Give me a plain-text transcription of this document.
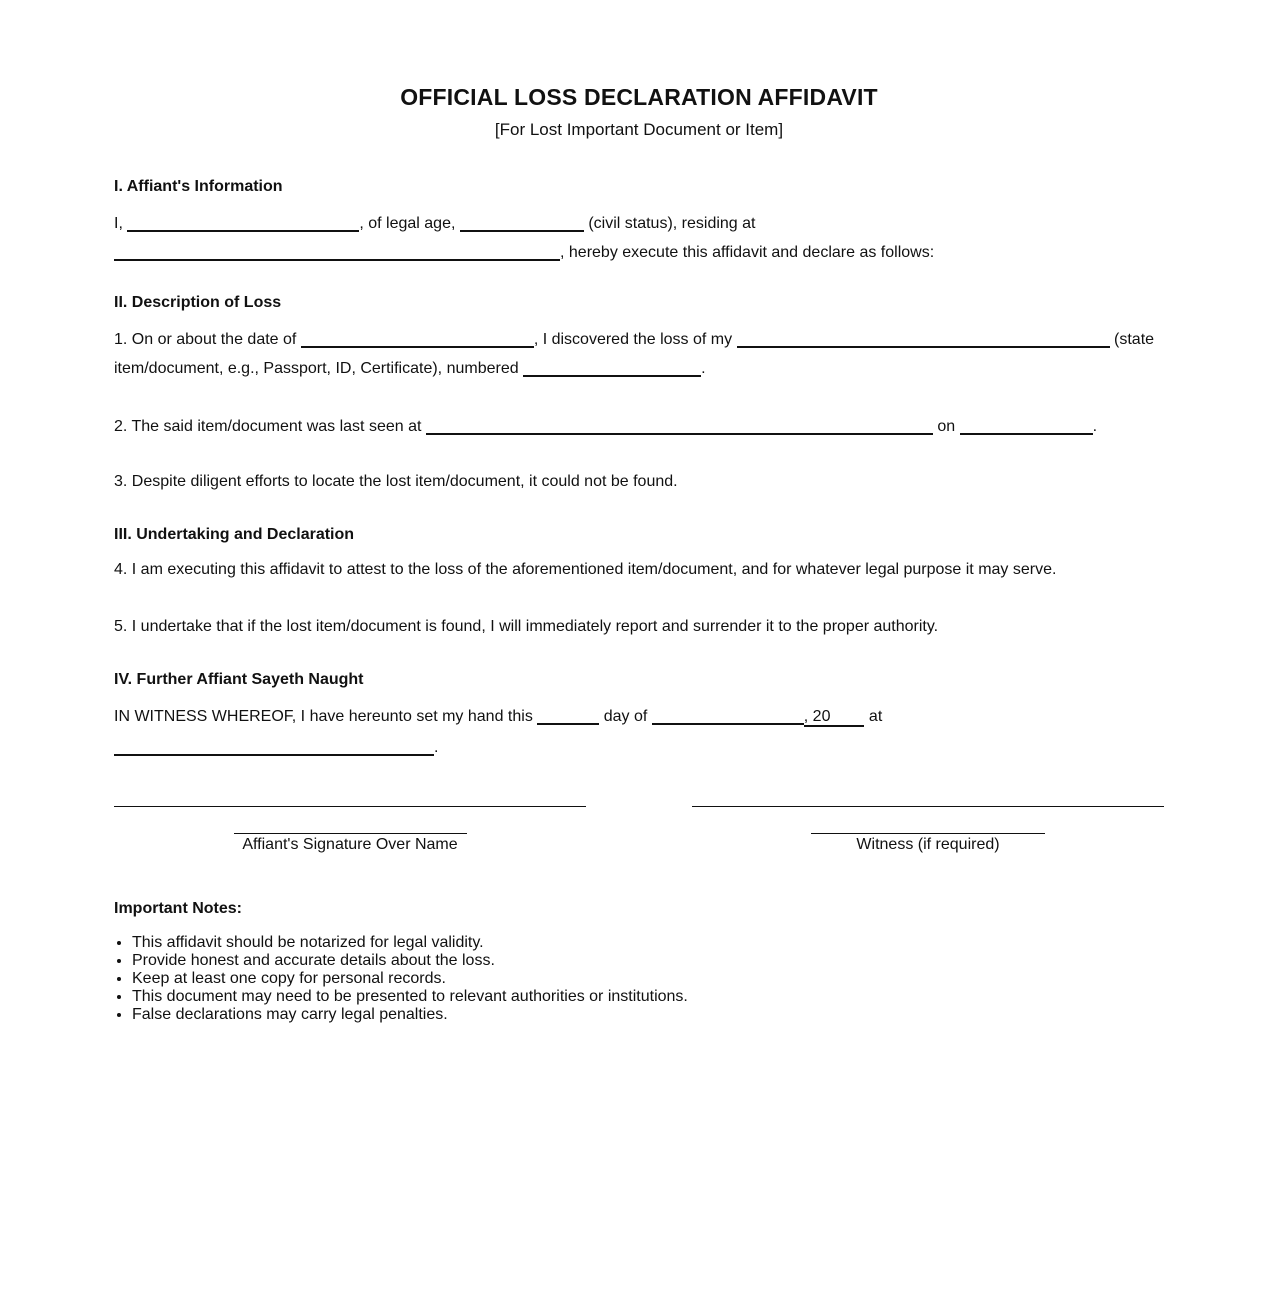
OFFICIAL LOSS DECLARATION AFFIDAVIT
[For Lost Important Document or Item]
I. Affiant's Information
I,	, of legal age,	(civil status), residing at
, hereby execute this affidavit and declare as follows:
II. Description of Loss
1. On or about the date of	, I discovered the loss of my	(state
item/document, e.g., Passport, ID, Certificate), numbered	.
2. The said item/document was last seen at	on	.
3. Despite diligent efforts to locate the lost item/document, it could not be found.
III. Undertaking and Declaration
4. I am executing this affidavit to attest to the loss of the aforementioned item/document, and for whatever legal purpose it may serve.
5. I undertake that if the lost item/document is found, I will immediately report and surrender it to the proper authority.
IV. Further Affiant Sayeth Naught
IN WITNESS WHEREOF, I have hereunto set my hand this	day of	, 20 at
.
Affiant's Signature Over Name	Witness (if required)
Important Notes:
• This affidavit should be notarized for legal validity.
• Provide honest and accurate details about the loss.
• Keep at least one copy for personal records.
• This document may need to be presented to relevant authorities or institutions.
• False declarations may carry legal penalties.
